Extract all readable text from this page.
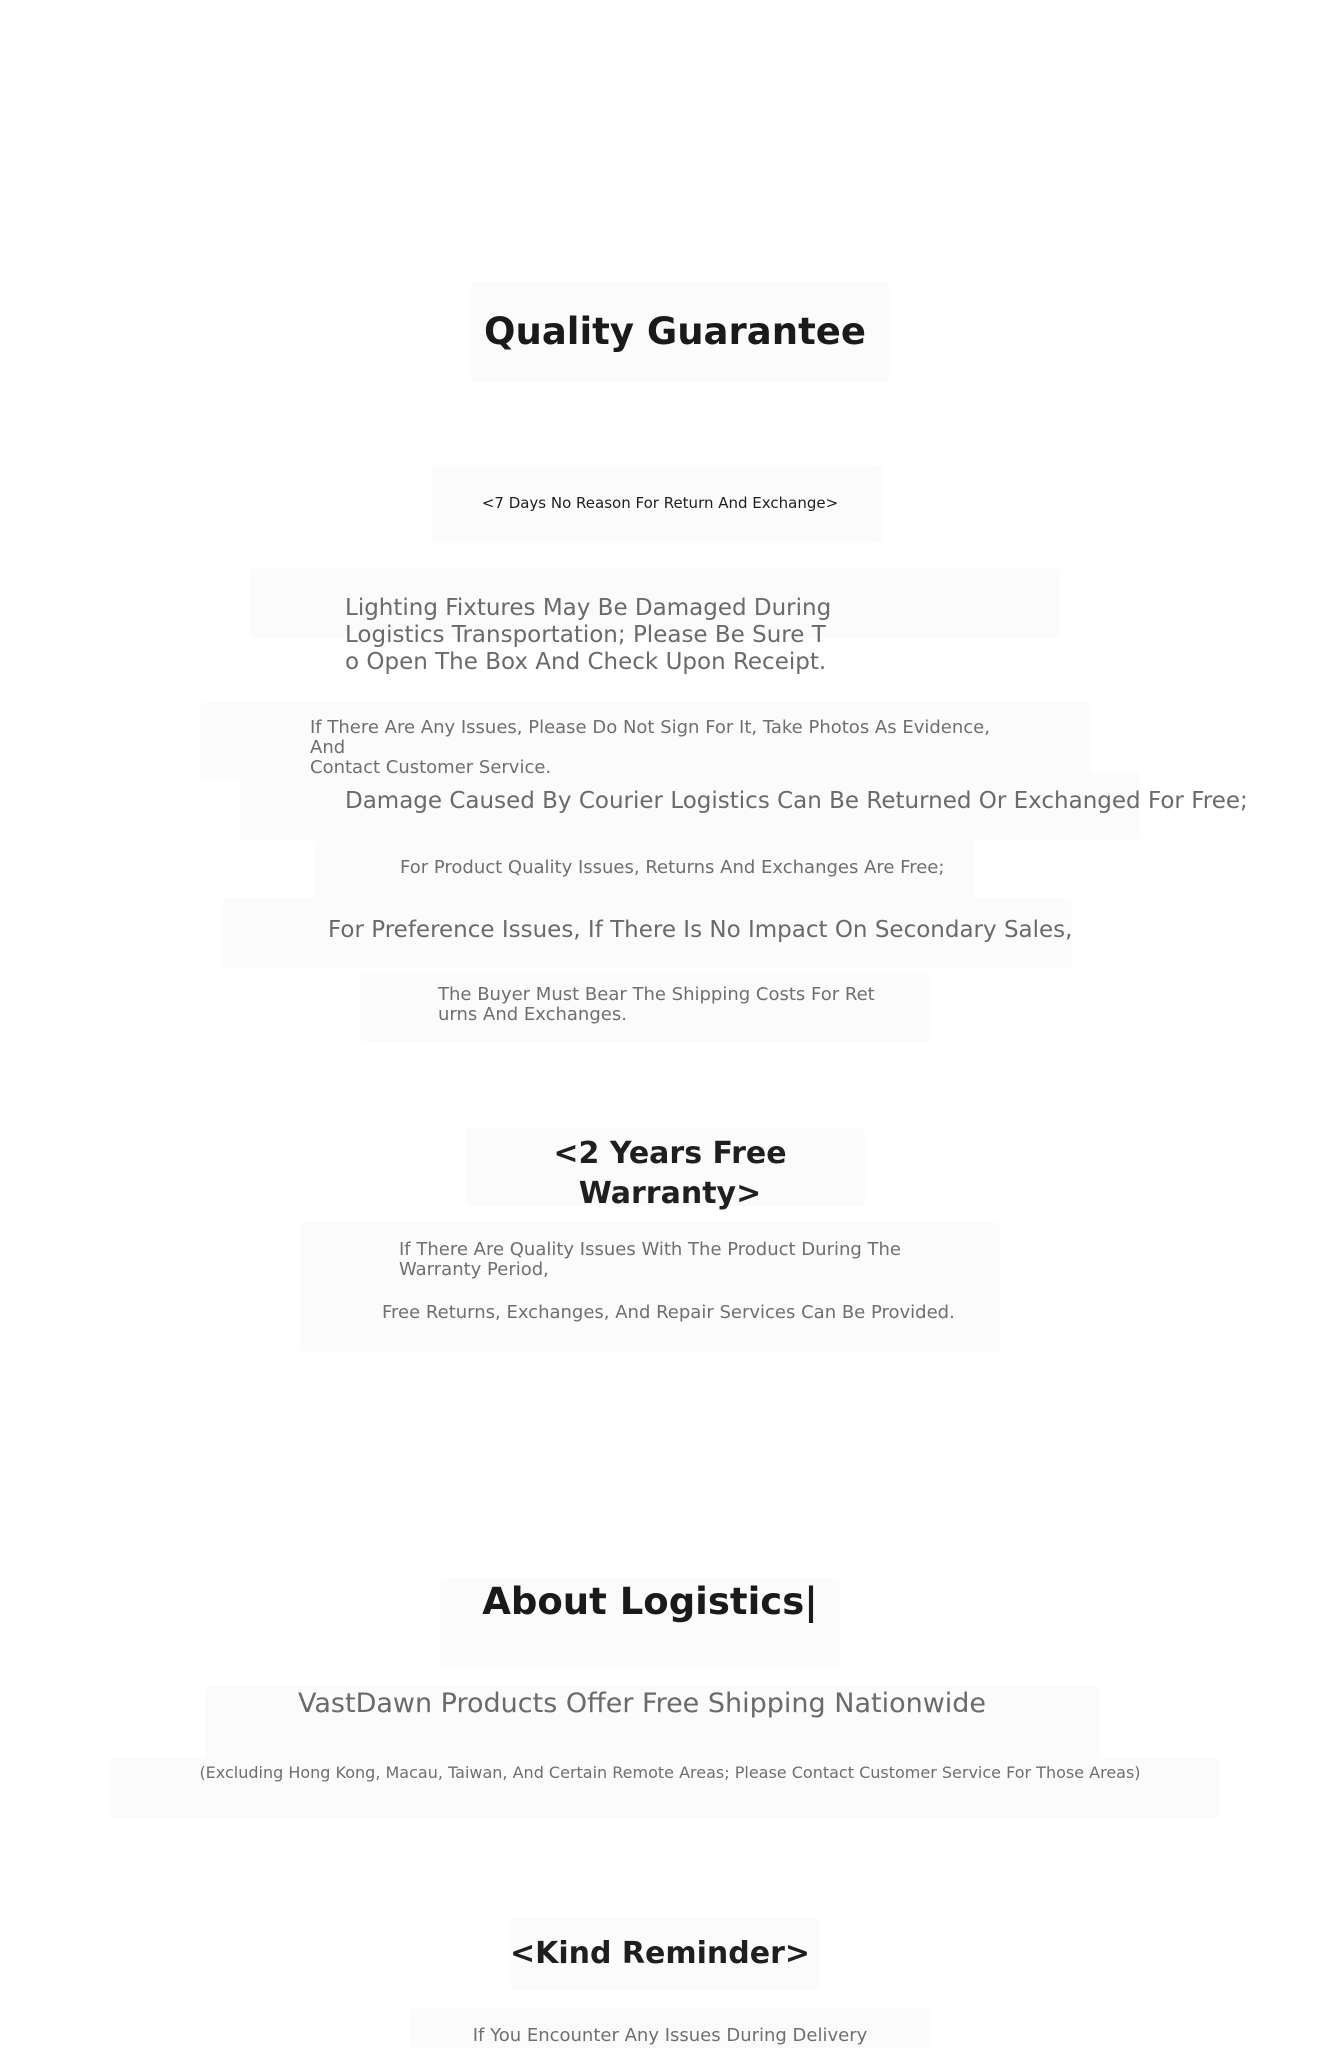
Quality Guarantee

<7 Days No Reason For Return And Exchange>

Lighting Fixtures May Be Damaged During
Logistics Transportation; Please Be Sure T
o Open The Box And Check Upon Receipt.

If There Are Any Issues, Please Do Not Sign For It, Take Photos As Evidence, And
Contact Customer Service.

Damage Caused By Courier Logistics Can Be Returned Or Exchanged For Free;

For Product Quality Issues, Returns And Exchanges Are Free;

For Preference Issues, If There Is No Impact On Secondary Sales,

The Buyer Must Bear The Shipping Costs For Ret
urns And Exchanges.

<2 Years Free Warranty>

If There Are Quality Issues With The Product During The
Warranty Period,

Free Returns, Exchanges, And Repair Services Can Be Provided.

About Logistics|

VastDawn Products Offer Free Shipping Nationwide

(Excluding Hong Kong, Macau, Taiwan, And Certain Remote Areas; Please Contact Customer Service For Those Areas)

<Kind Reminder>

If You Encounter Any Issues During Delivery
